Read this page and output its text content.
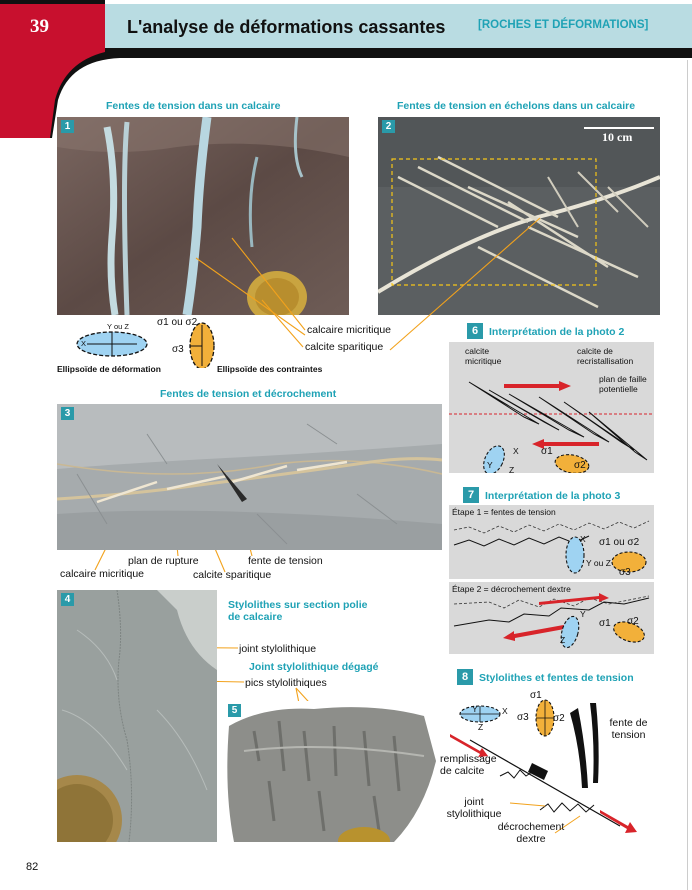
39	L'analyse de déformations cassantes	[ROCHES ET DÉFORMATIONS]
Fentes de tension dans un calcaire
1
Fentes de tension en échelons dans un calcaire
2
10 cm
Y ou Z
X
σ1 ou σ2
σ3
Ellipsoïde de déformation	Ellipsoïde des contraintes
calcaire micritique
calcite sparitique
6 Interprétation de la photo 2
calcite micritique
calcite de recristallisation
plan de faille potentielle
X
Y Z
σ1
σ2
Fentes de tension et décrochement
3
plan de rupture	fente de tension
calcaire micritique	calcite sparitique
7 Interprétation de la photo 3
Étape 1 = fentes de tension
X
Y ou Z
σ1 ou σ2
σ3
Étape 2 = décrochement dextre
Y
Z
σ1 σ2
4	Stylolithes sur section polie de calcaire
joint stylolithique
Joint stylolithique dégagé
pics stylolithiques
5
8 Stylolithes et fentes de tension
Y	X
Z
σ1
σ3 σ2	fente de tension
remplissage de calcite
joint stylolithique
décrochement dextre
82
